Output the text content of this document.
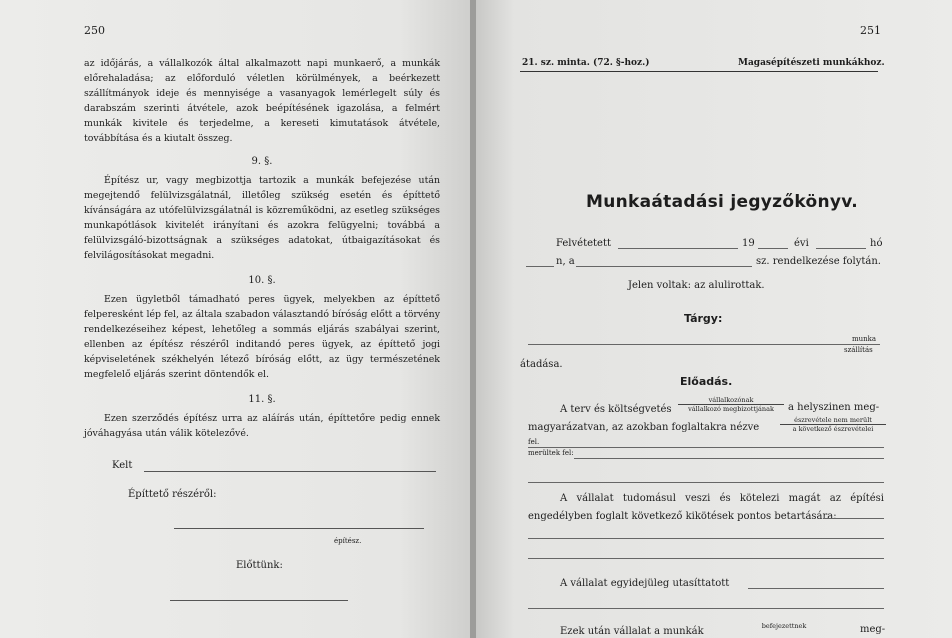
250

az időjárás, a vállalkozók által alkalmazott napi munkaerő, a munkák előrehaladása; az előforduló véletlen körülmények, a beérkezett szállítmányok ideje és mennyisége a vasanyagok lemérlegelt súly és darabszám szerinti átvétele, azok beépítésének igazolása, a felmért munkák kivitele és terjedelme, a kereseti kimutatások átvétele, továbbítása és a kiutalt összeg.

9. §.

Építész ur, vagy megbizottja tartozik a munkák befejezése után megejtendő felülvizsgálatnál, illetőleg szükség esetén és építtető kívánságára az utófelülvizsgálatnál is közreműködni, az esetleg szükséges munkapótlások kivitelét irányítani és azokra felügyelni; továbbá a felülvizsgáló-bizottságnak a szükséges adatokat, útbaigazításokat és felvilágosításokat megadni.

10. §.

Ezen ügyletből támadható peres ügyek, melyekben az építtető felperesként lép fel, az általa szabadon választandó bíróság előtt a törvény rendelkezéseihez képest, lehetőleg a sommás eljárás szabályai szerint, ellenben az építész részéről inditandó peres ügyek, az építtető jogi képviseletének székhelyén létező bíróság előtt, az ügy természetének megfelelő eljárás szerint döntendők el.

11. §.

Ezen szerződés építész urra az aláírás után, építtetőre pedig ennek jóváhagyása után válik kötelezővé.

Kelt
Építtető részéről:
építész.
Előttünk:
251
21. sz. minta. (72. §-hoz.)	Magasépítészeti munkákhoz.
Munkaátadási jegyzőkönyv.
Felvétetett	19	évi	hó
n, a	sz. rendelkezése folytán.
Jelen voltak: az alulirottak.
Tárgy:
munka
szállítás
átadása.
Előadás.
A terv és költségvetés
vállalkozónak
vállalkozó megbizottjának	a helyszinen meg-
magyarázatvan, az azokban foglaltakra nézve
észrevétele nem merült
a következő észrevételei
fel.
merültek fel:
A vállalat tudomásul veszi és kötelezi magát az építési engedélyben foglalt következő kikötések pontos betartására:
A vállalat egyidejüleg utasíttatott
Ezek után vállalat a munkák	befejezettnek	meg-
